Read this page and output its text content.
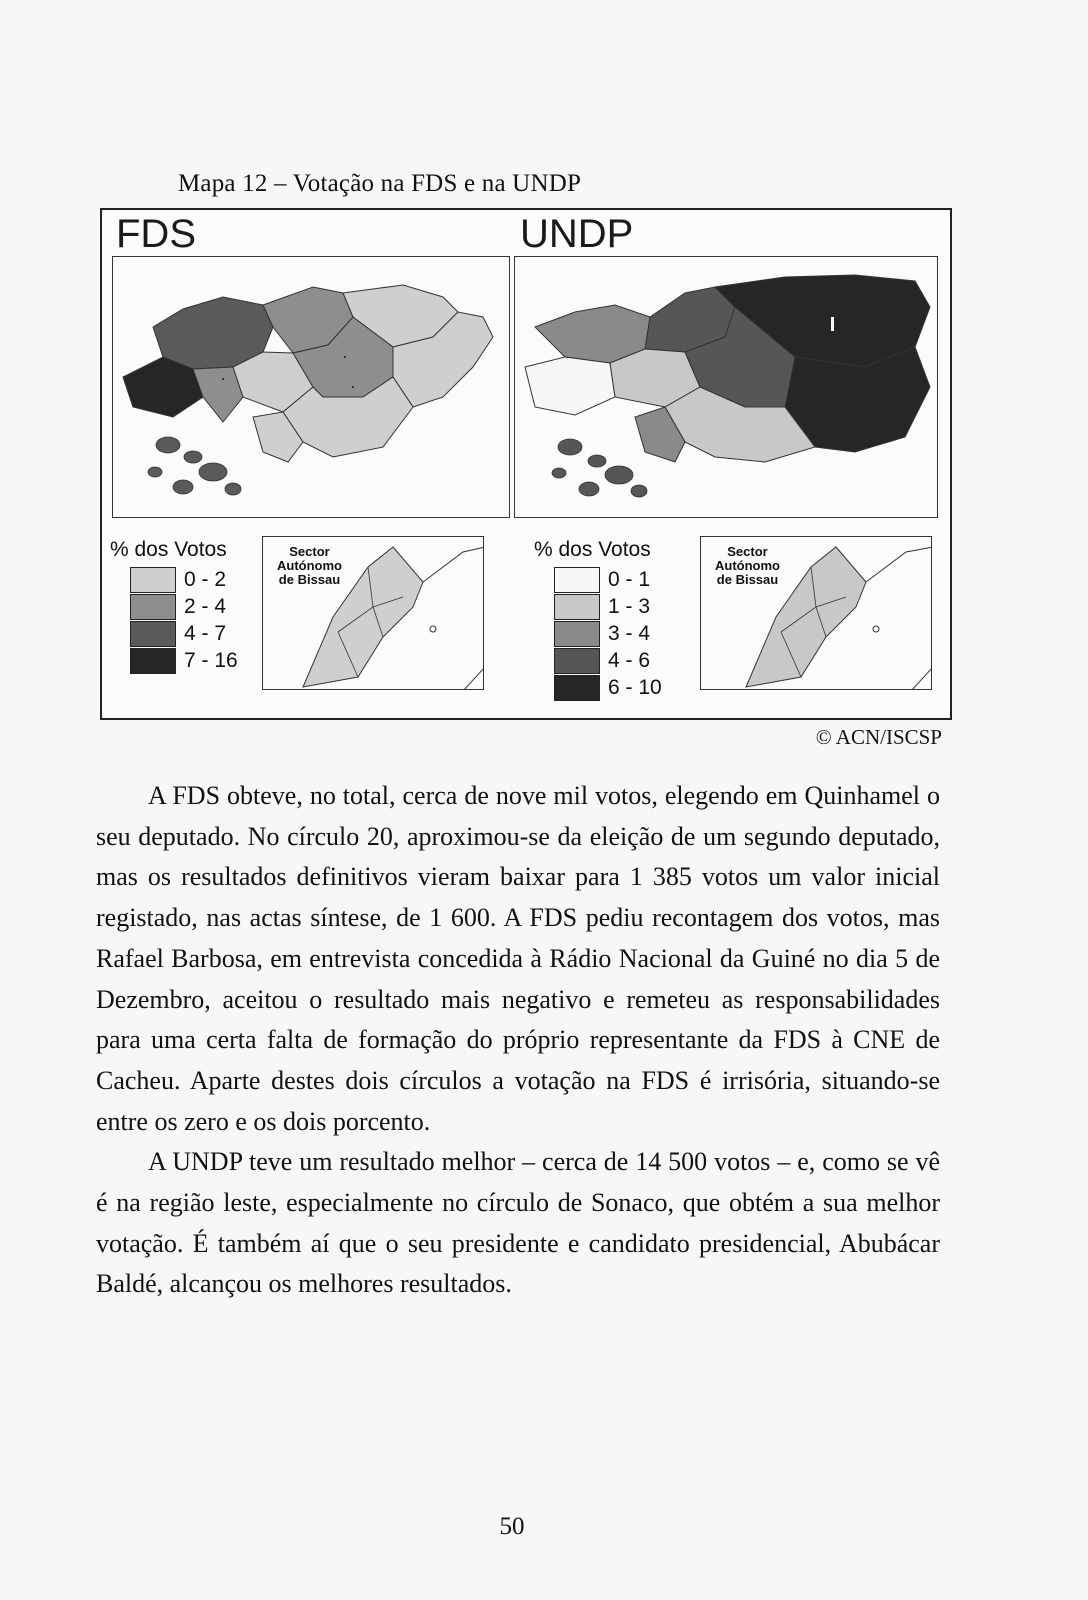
Mapa 12 – Votação na FDS e na UNDP
FDS	UNDP
% dos Votos
0 - 2
2 - 4
4 - 7
7 - 16
Sector
Autónomo
de Bissau
% dos Votos
0 - 1
1 - 3
3 - 4
4 - 6
6 - 10
Sector
Autónomo
de Bissau
© ACN/ISCSP

A FDS obteve, no total, cerca de nove mil votos, elegendo em Quinhamel o seu deputado. No círculo 20, aproximou-se da eleição de um segundo deputado, mas os resultados definitivos vieram baixar para 1 385 votos um valor inicial registado, nas actas síntese, de 1 600. A FDS pediu recontagem dos votos, mas Rafael Barbosa, em entrevista concedida à Rádio Nacional da Guiné no dia 5 de Dezembro, aceitou o resultado mais negativo e remeteu as responsabilidades para uma certa falta de formação do próprio representante da FDS à CNE de Cacheu. Aparte destes dois círculos a votação na FDS é irrisória, situando-se entre os zero e os dois porcento.

A UNDP teve um resultado melhor – cerca de 14 500 votos – e, como se vê é na região leste, especialmente no círculo de Sonaco, que obtém a sua melhor votação. É também aí que o seu presidente e candidato presidencial, Abubácar Baldé, alcançou os melhores resultados.

50
